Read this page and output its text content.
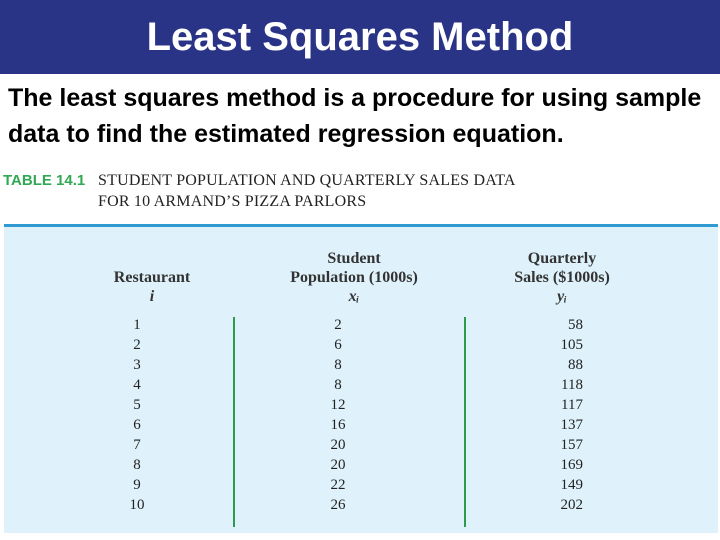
Least Squares Method
The least squares method is a procedure for using sample data to find the estimated regression equation.
TABLE 14.1 STUDENT POPULATION AND QUARTERLY SALES DATA
FOR 10 ARMAND’S PIZZA PARLORS
Restaurant
i
Student
Population (1000s)
xᵢ
Quarterly
Sales ($1000s)
yᵢ
1
2
3
4
5
6
7
8
9
10
2
6
8
8
12
16
20
20
22
26
58
105
88
118
117
137
157
169
149
202
